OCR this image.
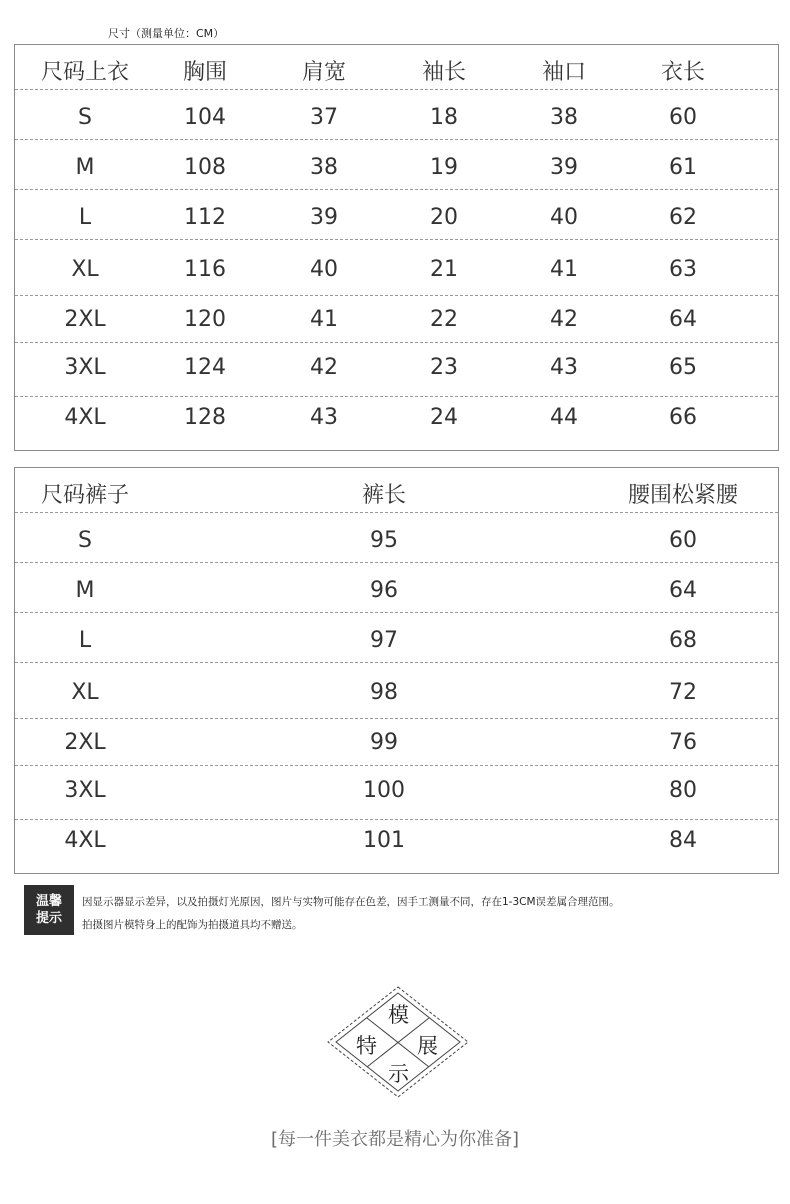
尺寸（测量单位：CM）
尺码上衣 胸围	肩宽	袖长	袖口	衣长
S	104	37	18	38	60
M	108	38	19	39	61
L	112	39	20	40	62
XL	116	40	21	41	63
2XL	120	41	22	42	64
3XL	124	42	23	43	65
4XL	128	43	24	44	66
尺码裤子	裤长	腰围松紧腰
S	95	60
M	96	64
L	97	68
XL	98	72
2XL	99	76
3XL	100	80
4XL	101	84
温馨
提示
因显示器显示差异，以及拍摄灯光原因，图片与实物可能存在色差，因手工测量不同，存在1-3CM误差属合理范围。
拍摄图片模特身上的配饰为拍摄道具均不赠送。
模
特 展
示
[每一件美衣都是精心为你准备]
